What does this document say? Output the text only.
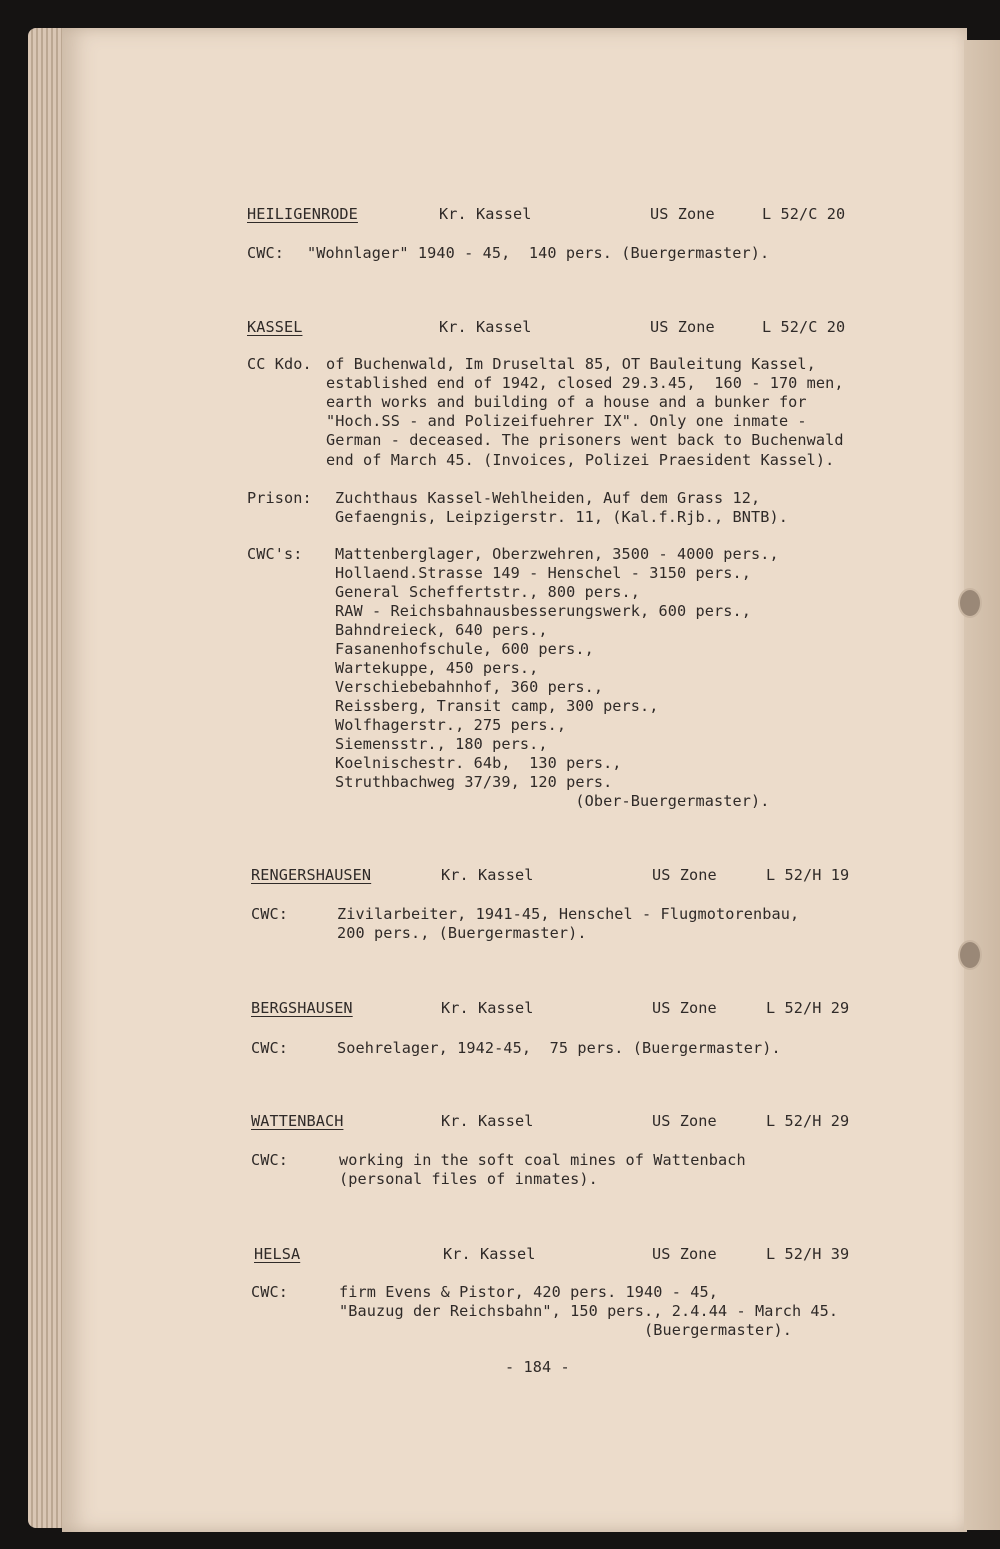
HEILIGENRODE	Kr. Kassel	US Zone	L 52/C 20

CWC: "Wohnlager" 1940 - 45,  140 pers. (Buergermaster).

KASSEL	Kr. Kassel	US Zone	L 52/C 20

CC Kdo. of Buchenwald, Im Druseltal 85, OT Bauleitung Kassel,

established end of 1942, closed 29.3.45,  160 - 170 men,

earth works and building of a house and a bunker for

"Hoch.SS - and Polizeifuehrer IX". Only one inmate -

German - deceased. The prisoners went back to Buchenwald

end of March 45. (Invoices, Polizei Praesident Kassel).

Prison: Zuchthaus Kassel-Wehlheiden, Auf dem Grass 12,

Gefaengnis, Leipzigerstr. 11, (Kal.f.Rjb., BNTB).

CWC's: Mattenberglager, Oberzwehren, 3500 - 4000 pers.,

Hollaend.Strasse 149 - Henschel - 3150 pers.,

General Scheffertstr., 800 pers.,

RAW - Reichsbahnausbesserungswerk, 600 pers.,

Bahndreieck, 640 pers.,

Fasanenhofschule, 600 pers.,

Wartekuppe, 450 pers.,

Verschiebebahnhof, 360 pers.,

Reissberg, Transit camp, 300 pers.,

Wolfhagerstr., 275 pers.,

Siemensstr., 180 pers.,

Koelnischestr. 64b,  130 pers.,

Struthbachweg 37/39, 120 pers.

(Ober-Buergermaster).

RENGERSHAUSEN	Kr. Kassel	US Zone	L 52/H 19

CWC:	Zivilarbeiter, 1941-45, Henschel - Flugmotorenbau,

200 pers., (Buergermaster).

BERGSHAUSEN	Kr. Kassel	US Zone	L 52/H 29

CWC:	Soehrelager, 1942-45,  75 pers. (Buergermaster).

WATTENBACH	Kr. Kassel	US Zone	L 52/H 29

CWC:	working in the soft coal mines of Wattenbach

(personal files of inmates).

HELSA	Kr. Kassel	US Zone	L 52/H 39

CWC:	firm Evens & Pistor, 420 pers. 1940 - 45,

"Bauzug der Reichsbahn", 150 pers., 2.4.44 - March 45.

(Buergermaster).

- 184 -
